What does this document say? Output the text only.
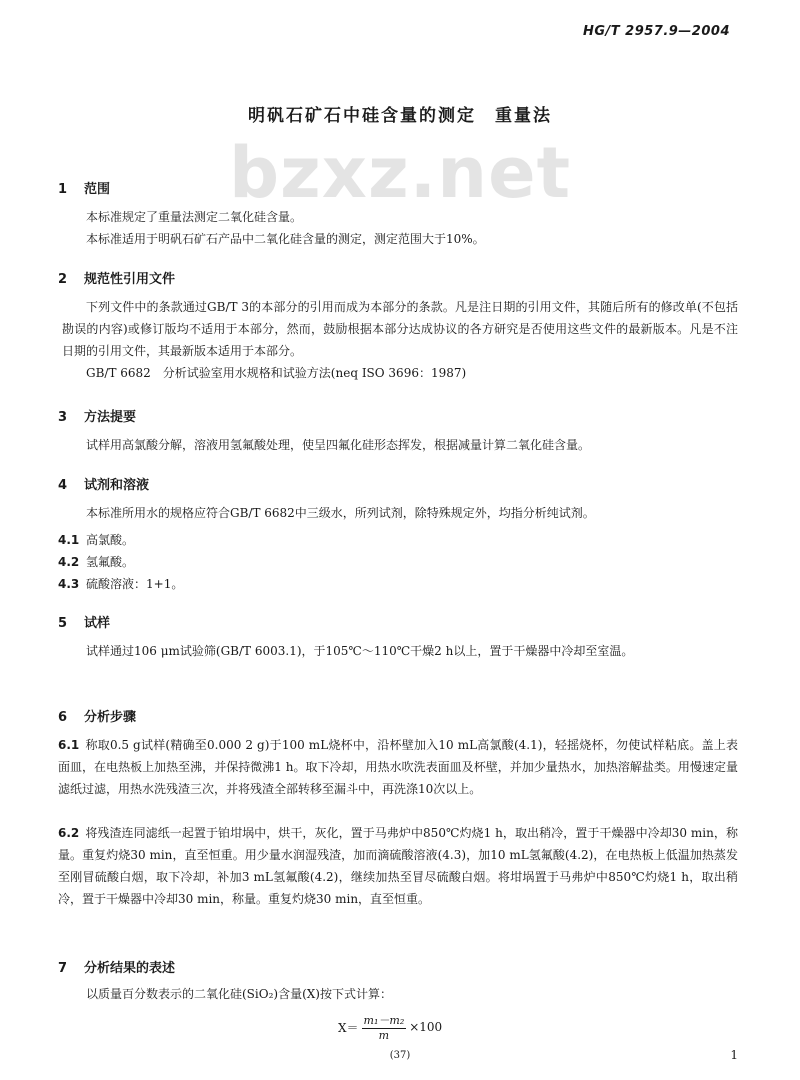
HG/T 2957.9—2004
明矾石矿石中硅含量的测定　重量法
bzxz.net
1 范围
本标准规定了重量法测定二氧化硅含量。
本标准适用于明矾石矿石产品中二氧化硅含量的测定，测定范围大于10%。
2 规范性引用文件
下列文件中的条款通过GB/T 3的本部分的引用而成为本部分的条款。凡是注日期的引用文件，其随后所有的修改单(不包括勘误的内容)或修订版均不适用于本部分，然而，鼓励根据本部分达成协议的各方研究是否使用这些文件的最新版本。凡是不注日期的引用文件，其最新版本适用于本部分。
GB/T 6682　分析试验室用水规格和试验方法(neq ISO 3696：1987)
3 方法提要
试样用高氯酸分解，溶液用氢氟酸处理，使呈四氟化硅形态挥发，根据减量计算二氧化硅含量。
4 试剂和溶液
本标准所用水的规格应符合GB/T 6682中三级水，所列试剂，除特殊规定外，均指分析纯试剂。
4.1 高氯酸。
4.2 氢氟酸。
4.3 硫酸溶液：1+1。
5 试样
试样通过106 μm试验筛(GB/T 6003.1)，于105℃～110℃干燥2 h以上，置于干燥器中冷却至室温。
6 分析步骤
6.1 称取0.5 g试样(精确至0.000 2 g)于100 mL烧杯中，沿杯壁加入10 mL高氯酸(4.1)，轻摇烧杯，勿使试样粘底。盖上表面皿，在电热板上加热至沸，并保持微沸1 h。取下冷却，用热水吹洗表面皿及杯壁，并加少量热水，加热溶解盐类。用慢速定量滤纸过滤，用热水洗残渣三次，并将残渣全部转移至漏斗中，再洗涤10次以上。
6.2 将残渣连同滤纸一起置于铂坩埚中，烘干，灰化，置于马弗炉中850℃灼烧1 h，取出稍冷，置于干燥器中冷却30 min，称量。重复灼烧30 min，直至恒重。用少量水润湿残渣，加而滴硫酸溶液(4.3)，加10 mL氢氟酸(4.2)，在电热板上低温加热蒸发至刚冒硫酸白烟，取下冷却，补加3 mL氢氟酸(4.2)，继续加热至冒尽硫酸白烟。将坩埚置于马弗炉中850℃灼烧1 h，取出稍冷，置于干燥器中冷却30 min，称量。重复灼烧30 min，直至恒重。
7 分析结果的表述
以质量百分数表示的二氧化硅(SiO₂)含量(X)按下式计算：
$X= \frac{\text{m₁－m₂}}{m} \times 100$
(37)	1
